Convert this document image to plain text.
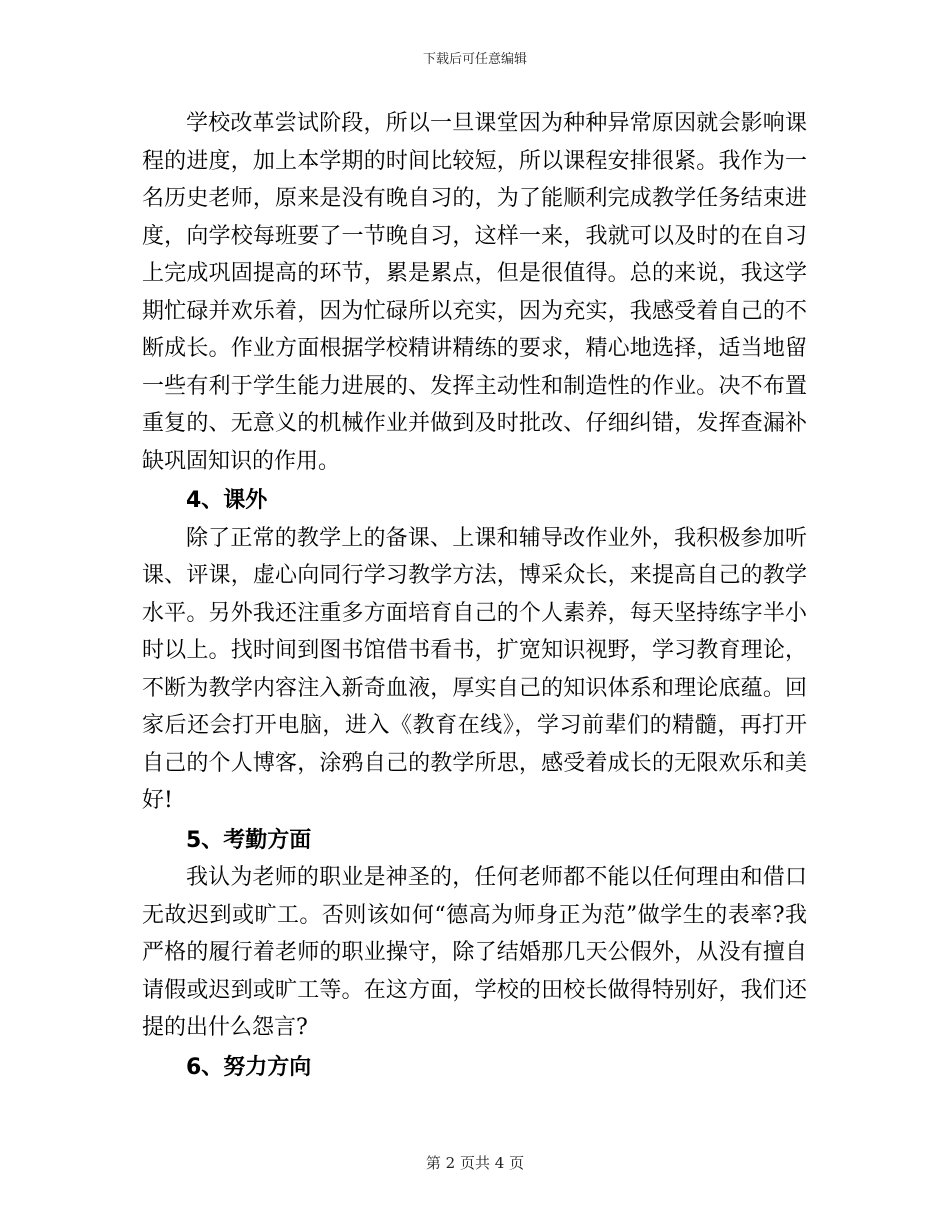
下载后可任意编辑

学校改革尝试阶段，所以一旦课堂因为种种异常原因就会影响课程的进度，加上本学期的时间比较短，所以课程安排很紧。我作为一名历史老师，原来是没有晚自习的，为了能顺利完成教学任务结束进度，向学校每班要了一节晚自习，这样一来，我就可以及时的在自习上完成巩固提高的环节，累是累点，但是很值得。总的来说，我这学期忙碌并欢乐着，因为忙碌所以充实，因为充实，我感受着自己的不断成长。作业方面根据学校精讲精练的要求，精心地选择，适当地留一些有利于学生能力进展的、发挥主动性和制造性的作业。决不布置重复的、无意义的机械作业并做到及时批改、仔细纠错，发挥查漏补缺巩固知识的作用。

4、课外

除了正常的教学上的备课、上课和辅导改作业外，我积极参加听课、评课，虚心向同行学习教学方法，博采众长，来提高自己的教学水平。另外我还注重多方面培育自己的个人素养，每天坚持练字半小时以上。找时间到图书馆借书看书，扩宽知识视野，学习教育理论，不断为教学内容注入新奇血液，厚实自己的知识体系和理论底蕴。回家后还会打开电脑，进入《教育在线》，学习前辈们的精髓，再打开自己的个人博客，涂鸦自己的教学所思，感受着成长的无限欢乐和美好!

5、考勤方面

我认为老师的职业是神圣的，任何老师都不能以任何理由和借口无故迟到或旷工。否则该如何“德高为师身正为范”做学生的表率?我严格的履行着老师的职业操守，除了结婚那几天公假外，从没有擅自请假或迟到或旷工等。在这方面，学校的田校长做得特别好，我们还提的出什么怨言?

6、努力方向

第 2 页共 4 页
